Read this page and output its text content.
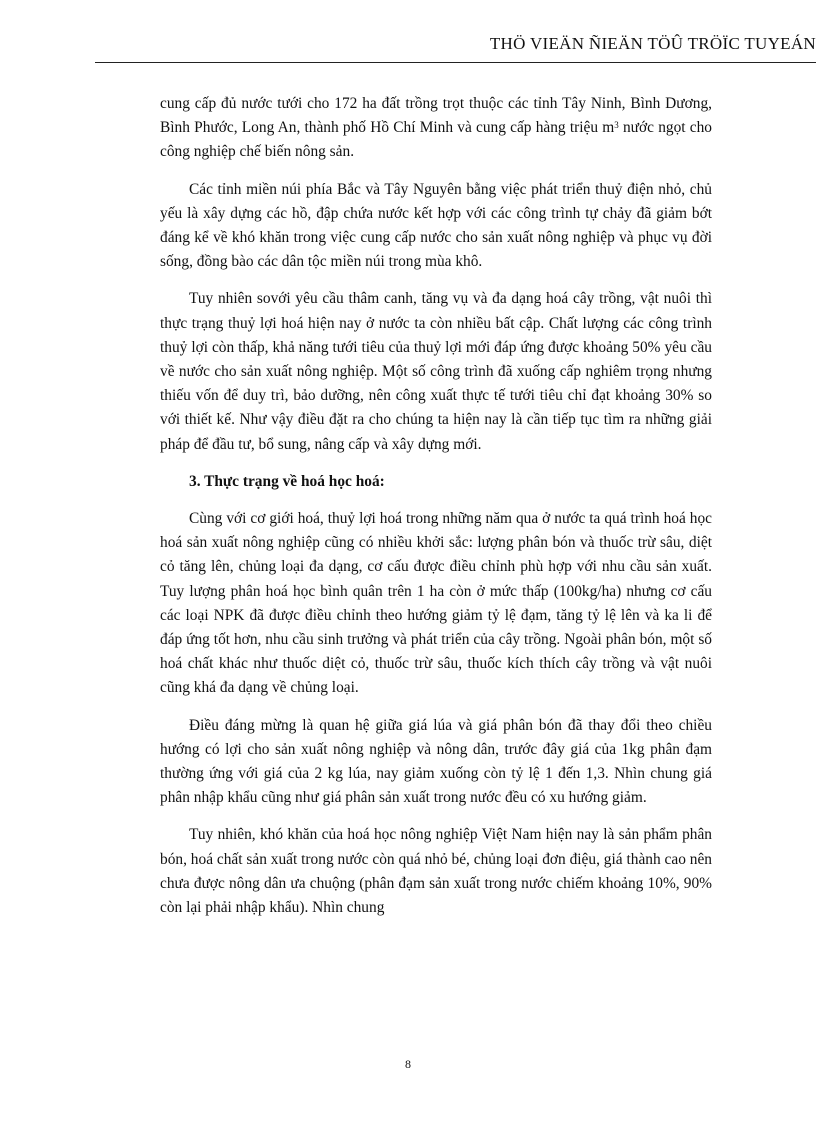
THÖ VIEÄN ÑIEÄN TÖÛ TRÖÏC TUYEÁN

cung cấp đủ nước tưới cho 172 ha đất trồng trọt thuộc các tỉnh Tây Ninh, Bình Dương, Bình Phước, Long An, thành phố Hồ Chí Minh và cung cấp hàng triệu $m^3$ nước ngọt cho công nghiệp chế biến nông sản.

Các tỉnh miền núi phía Bắc và Tây Nguyên bằng việc phát triển thuỷ điện nhỏ, chủ yếu là xây dựng các hồ, đập chứa nước kết hợp với các công trình tự chảy đã giảm bớt đáng kể về khó khăn trong việc cung cấp nước cho sản xuất nông nghiệp và phục vụ đời sống, đồng bào các dân tộc miền núi trong mùa khô.

Tuy nhiên sovới yêu cầu thâm canh, tăng vụ và đa dạng hoá cây trồng, vật nuôi thì thực trạng thuỷ lợi hoá hiện nay ở nước ta còn nhiều bất cập. Chất lượng các công trình thuỷ lợi còn thấp, khả năng tưới tiêu của thuỷ lợi mới đáp ứng được khoảng 50% yêu cầu về nước cho sản xuất nông nghiệp. Một số công trình đã xuống cấp nghiêm trọng nhưng thiếu vốn để duy trì, bảo dưỡng, nên công xuất thực tế tưới tiêu chỉ đạt khoảng 30% so với thiết kế. Như vậy điều đặt ra cho chúng ta hiện nay là cần tiếp tục tìm ra những giải pháp để đầu tư, bổ sung, nâng cấp và xây dựng mới.

3. Thực trạng về hoá học hoá:

Cùng với cơ giới hoá, thuỷ lợi hoá trong những năm qua ở nước ta quá trình hoá học hoá sản xuất nông nghiệp cũng có nhiều khởi sắc: lượng phân bón và thuốc trừ sâu, diệt cỏ tăng lên, chủng loại đa dạng, cơ cấu được điều chỉnh phù hợp với nhu cầu sản xuất. Tuy lượng phân hoá học bình quân trên 1 ha còn ở mức thấp (100kg/ha) nhưng cơ cấu các loại NPK đã được điều chỉnh theo hướng giảm tỷ lệ đạm, tăng tỷ lệ lên và ka li để đáp ứng tốt hơn, nhu cầu sinh trưởng và phát triển của cây trồng. Ngoài phân bón, một số hoá chất khác như thuốc diệt cỏ, thuốc trừ sâu, thuốc kích thích cây trồng và vật nuôi cũng khá đa dạng về chủng loại.

Điều đáng mừng là quan hệ giữa giá lúa và giá phân bón đã thay đổi theo chiều hướng có lợi cho sản xuất nông nghiệp và nông dân, trước đây giá của 1kg phân đạm thường ứng với giá của 2 kg lúa, nay giảm xuống còn tỷ lệ 1 đến 1,3. Nhìn chung giá phân nhập khẩu cũng như giá phân sản xuất trong nước đều có xu hướng giảm.

Tuy nhiên, khó khăn của hoá học nông nghiệp Việt Nam hiện nay là sản phẩm phân bón, hoá chất sản xuất trong nước còn quá nhỏ bé, chủng loại đơn điệu, giá thành cao nên chưa được nông dân ưa chuộng (phân đạm sản xuất trong nước chiếm khoảng 10%, 90% còn lại phải nhập khẩu). Nhìn chung

8
